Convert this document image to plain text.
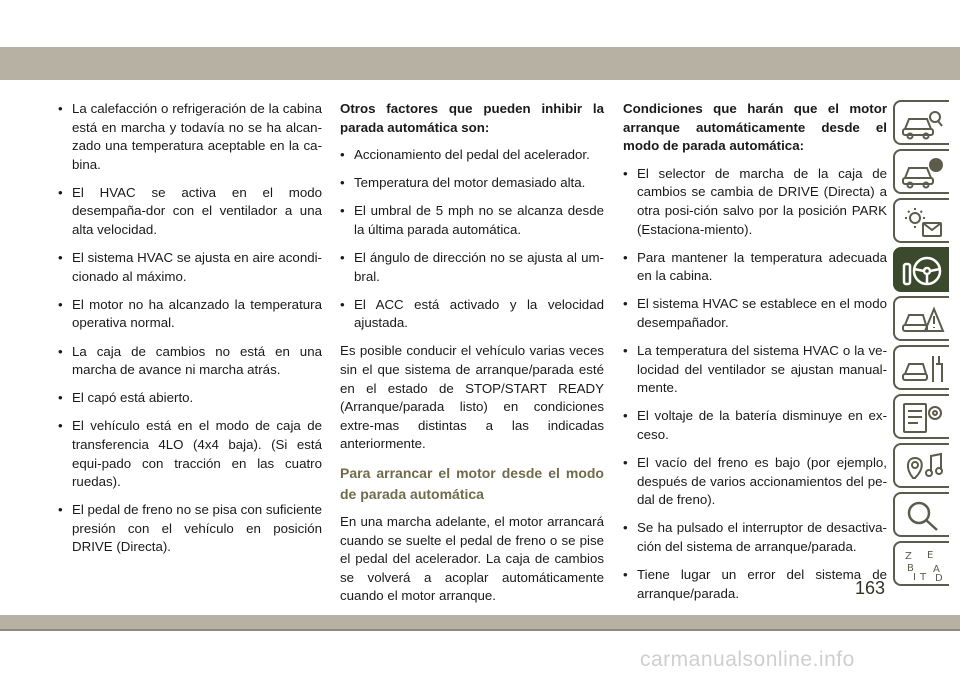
• La calefacción o refrigeración de la cabina está en marcha y todavía no se ha alcan-zado una temperatura aceptable en la ca-bina.
• El HVAC se activa en el modo desempaña-dor con el ventilador a una alta velocidad.
• El sistema HVAC se ajusta en aire acondi-cionado al máximo.
• El motor no ha alcanzado la temperatura operativa normal.
• La caja de cambios no está en una marcha de avance ni marcha atrás.
• El capó está abierto.
• El vehículo está en el modo de caja de transferencia 4LO (4x4 baja). (Si está equi-pado con tracción en las cuatro ruedas).
• El pedal de freno no se pisa con suficiente presión con el vehículo en posición DRIVE (Directa).

Otros factores que pueden inhibir la parada automática son:

• Accionamiento del pedal del acelerador.
• Temperatura del motor demasiado alta.
• El umbral de 5 mph no se alcanza desde la última parada automática.
• El ángulo de dirección no se ajusta al um-bral.
• El ACC está activado y la velocidad ajustada.

Es posible conducir el vehículo varias veces sin el que sistema de arranque/parada esté en el estado de STOP/START READY (Arranque/parada listo) en condiciones extre-mas distintas a las indicadas anteriormente.

Para arrancar el motor desde el modo de parada automática

En una marcha adelante, el motor arrancará cuando se suelte el pedal de freno o se pise el pedal del acelerador. La caja de cambios se volverá a acoplar automáticamente cuando el motor arranque.

Condiciones que harán que el motor arranque automáticamente desde el modo de parada automática:

• El selector de marcha de la caja de cambios se cambia de DRIVE (Directa) a otra posi-ción salvo por la posición PARK (Estaciona-miento).
• Para mantener la temperatura adecuada en la cabina.
• El sistema HVAC se establece en el modo desempañador.
• La temperatura del sistema HVAC o la ve-locidad del ventilador se ajustan manual-mente.
• El voltaje de la batería disminuye en ex-ceso.
• El vacío del freno es bajo (por ejemplo, después de varios accionamientos del pe-dal de freno).
• Se ha pulsado el interruptor de desactiva-ción del sistema de arranque/parada.
• Tiene lugar un error del sistema de arranque/parada.
Z E
B A
I T D
163
carmanualsonline.info
